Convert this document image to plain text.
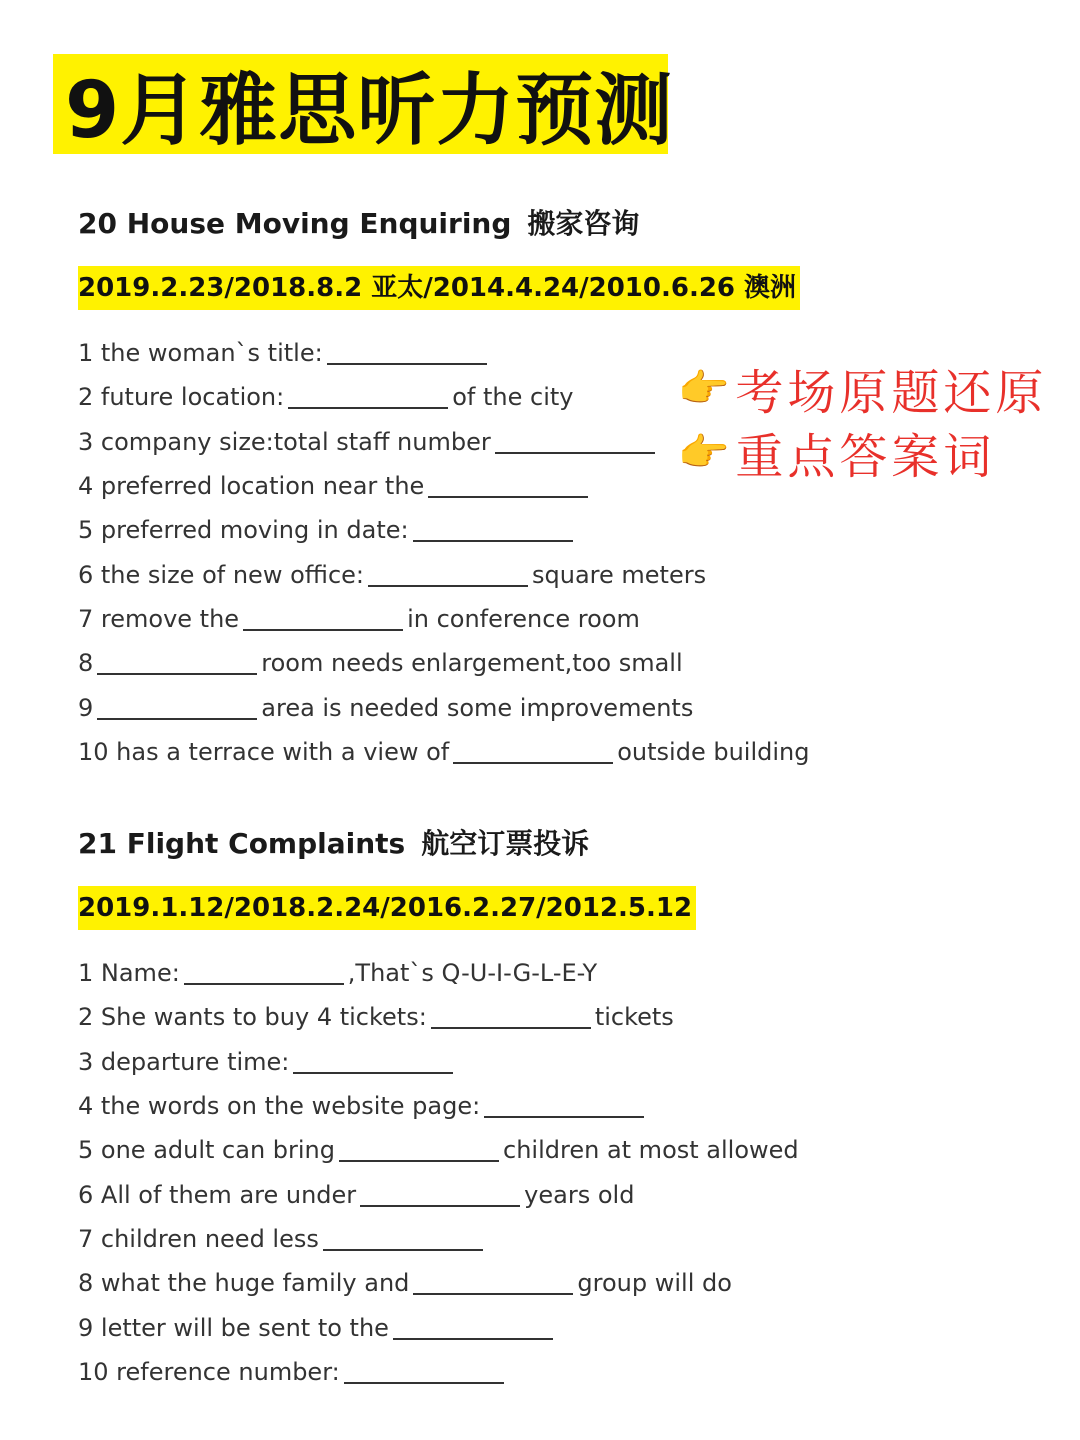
9月雅思听力预测
👉 考场原题还原
👉 重点答案词
20 House Moving Enquiring 搬家咨询
2019.2.23/2018.8.2 亚太/2014.4.24/2010.6.26 澳洲
1 the woman`s title:
2 future location:	of the city
3 company size:total staff number
4 preferred location near the
5 preferred moving in date:
6 the size of new office:	square meters
7 remove the	in conference room
8	room needs enlargement,too small
9	area is needed some improvements
10 has a terrace with a view of	outside building
21 Flight Complaints 航空订票投诉
2019.1.12/2018.2.24/2016.2.27/2012.5.12
1 Name:	,That`s Q-U-I-G-L-E-Y
2 She wants to buy 4 tickets:	tickets
3 departure time:
4 the words on the website page:
5 one adult can bring	children at most allowed
6 All of them are under	years old
7 children need less
8 what the huge family and	group will do
9 letter will be sent to the
10 reference number:
